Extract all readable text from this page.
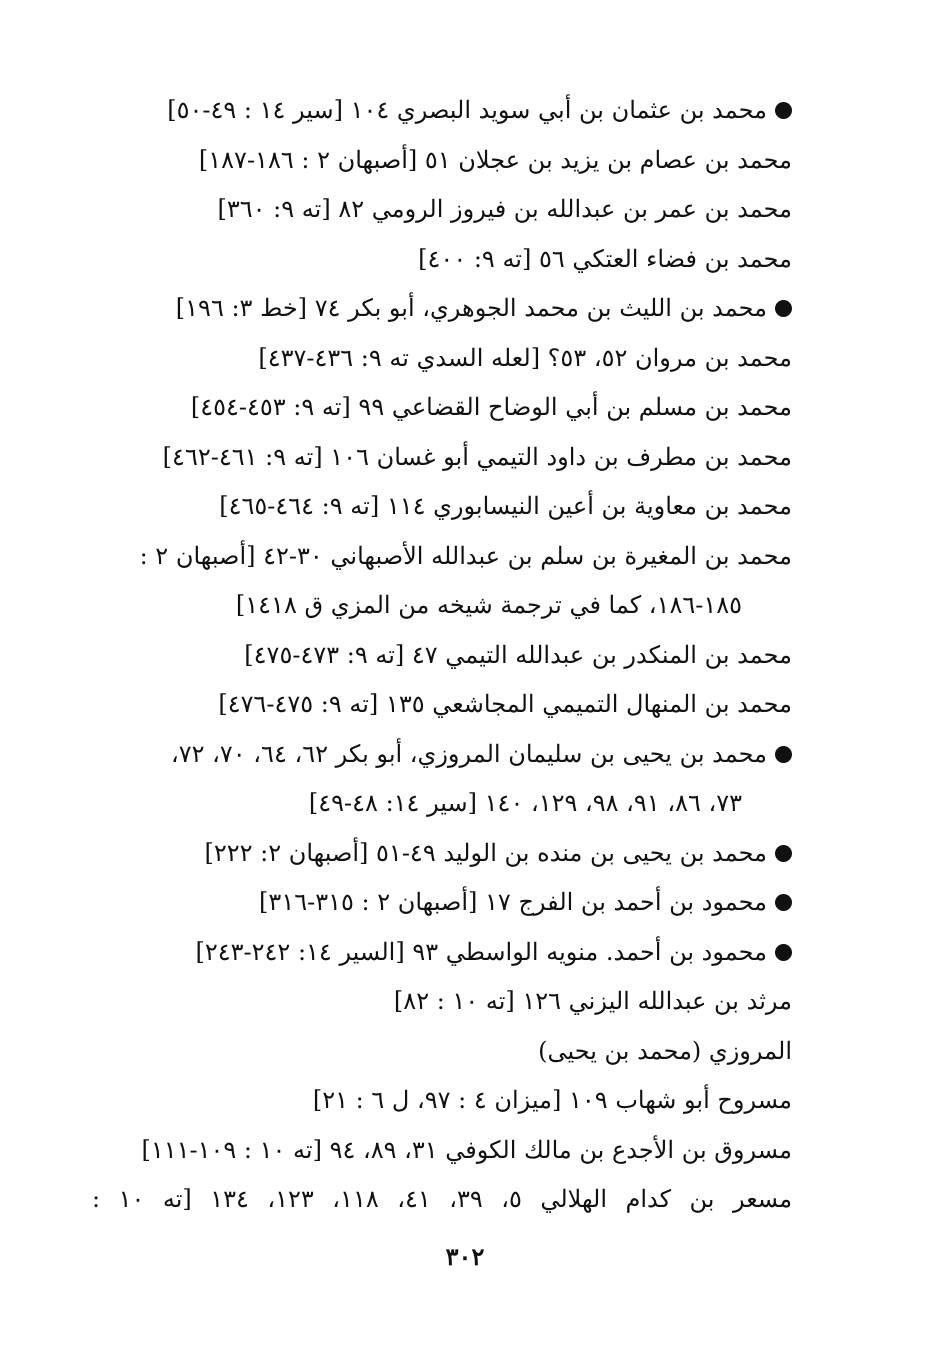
محمد بن عثمان بن أبي سويد البصري ١٠٤ [سير ١٤ : ٤٩-٥٠]
محمد بن عصام بن يزيد بن عجلان ٥١ [أصبهان ٢ : ١٨٦-١٨٧]
محمد بن عمر بن عبدالله بن فيروز الرومي ٨٢ [ته ٩: ٣٦٠]
محمد بن فضاء العتكي ٥٦ [ته ٩: ٤٠٠]
محمد بن الليث بن محمد الجوهري، أبو بكر ٧٤ [خط ٣: ١٩٦]
محمد بن مروان ٥٢، ٥٣؟ [لعله السدي ته ٩: ٤٣٦-٤٣٧]
محمد بن مسلم بن أبي الوضاح القضاعي ٩٩ [ته ٩: ٤٥٣-٤٥٤]
محمد بن مطرف بن داود التيمي أبو غسان ١٠٦ [ته ٩: ٤٦١-٤٦٢]
محمد بن معاوية بن أعين النيسابوري ١١٤ [ته ٩: ٤٦٤-٤٦٥]
محمد بن المغيرة بن سلم بن عبدالله الأصبهاني ٣٠-٤٢ [أصبهان ٢ :
١٨٥-١٨٦، كما في ترجمة شيخه من المزي ق ١٤١٨]
محمد بن المنكدر بن عبدالله التيمي ٤٧ [ته ٩: ٤٧٣-٤٧٥]
محمد بن المنهال التميمي المجاشعي ١٣٥ [ته ٩: ٤٧٥-٤٧٦]
محمد بن يحيى بن سليمان المروزي، أبو بكر ٦٢، ٦٤، ٧٠، ٧٢،
٧٣، ٨٦، ٩١، ٩٨، ١٢٩، ١٤٠ [سير ١٤: ٤٨-٤٩]
محمد بن يحيى بن منده بن الوليد ٤٩-٥١ [أصبهان ٢: ٢٢٢]
محمود بن أحمد بن الفرج ١٧ [أصبهان ٢ : ٣١٥-٣١٦]
محمود بن أحمد. منويه الواسطي ٩٣ [السير ١٤: ٢٤٢-٢٤٣]
مرثد بن عبدالله اليزني ١٢٦ [ته ١٠ : ٨٢]
المروزي (محمد بن يحيى)
مسروح أبو شهاب ١٠٩ [ميزان ٤ : ٩٧، ل ٦ : ٢١]
مسروق بن الأجدع بن مالك الكوفي ٣١، ٨٩، ٩٤ [ته ١٠ : ١٠٩-١١١]
مسعر بن كدام الهلالي ٥، ٣٩، ٤١، ١١٨، ١٢٣، ١٣٤ [ته ١٠ :
٣٠٢
